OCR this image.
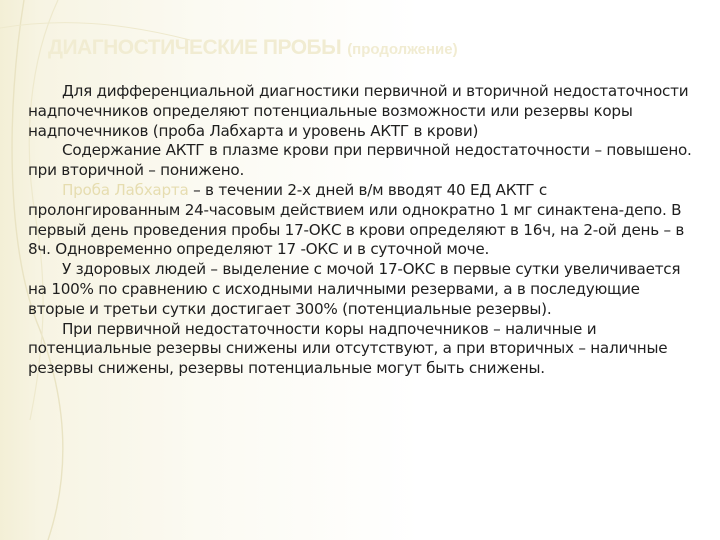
ДИАГНОСТИЧЕСКИЕ ПРОБЫ (продолжение)

Для дифференциальной диагностики первичной и вторичной недостаточности надпочечников определяют потенциальные возможности или резервы коры надпочечников (проба Лабхарта и уровень АКТГ в крови)

Содержание АКТГ в плазме крови при первичной недостаточности – повышено. при вторичной – понижено.

Проба Лабхарта – в течении 2-х дней в/м вводят 40 ЕД АКТГ с пролонгированным 24-часовым действием или однократно 1 мг синактена-депо. В первый день проведения пробы 17-ОКС в крови определяют в 16ч, на 2-ой день – в 8ч. Одновременно определяют 17 -ОКС и в суточной моче.

У здоровых людей – выделение с мочой 17-ОКС в первые сутки увеличивается на 100% по сравнению с исходными наличными резервами, а в последующие вторые и третьи сутки достигает 300% (потенциальные резервы).

При первичной недостаточности коры надпочечников – наличные и потенциальные резервы снижены или отсутствуют, а при вторичных – наличные резервы снижены, резервы потенциальные могут быть снижены.
